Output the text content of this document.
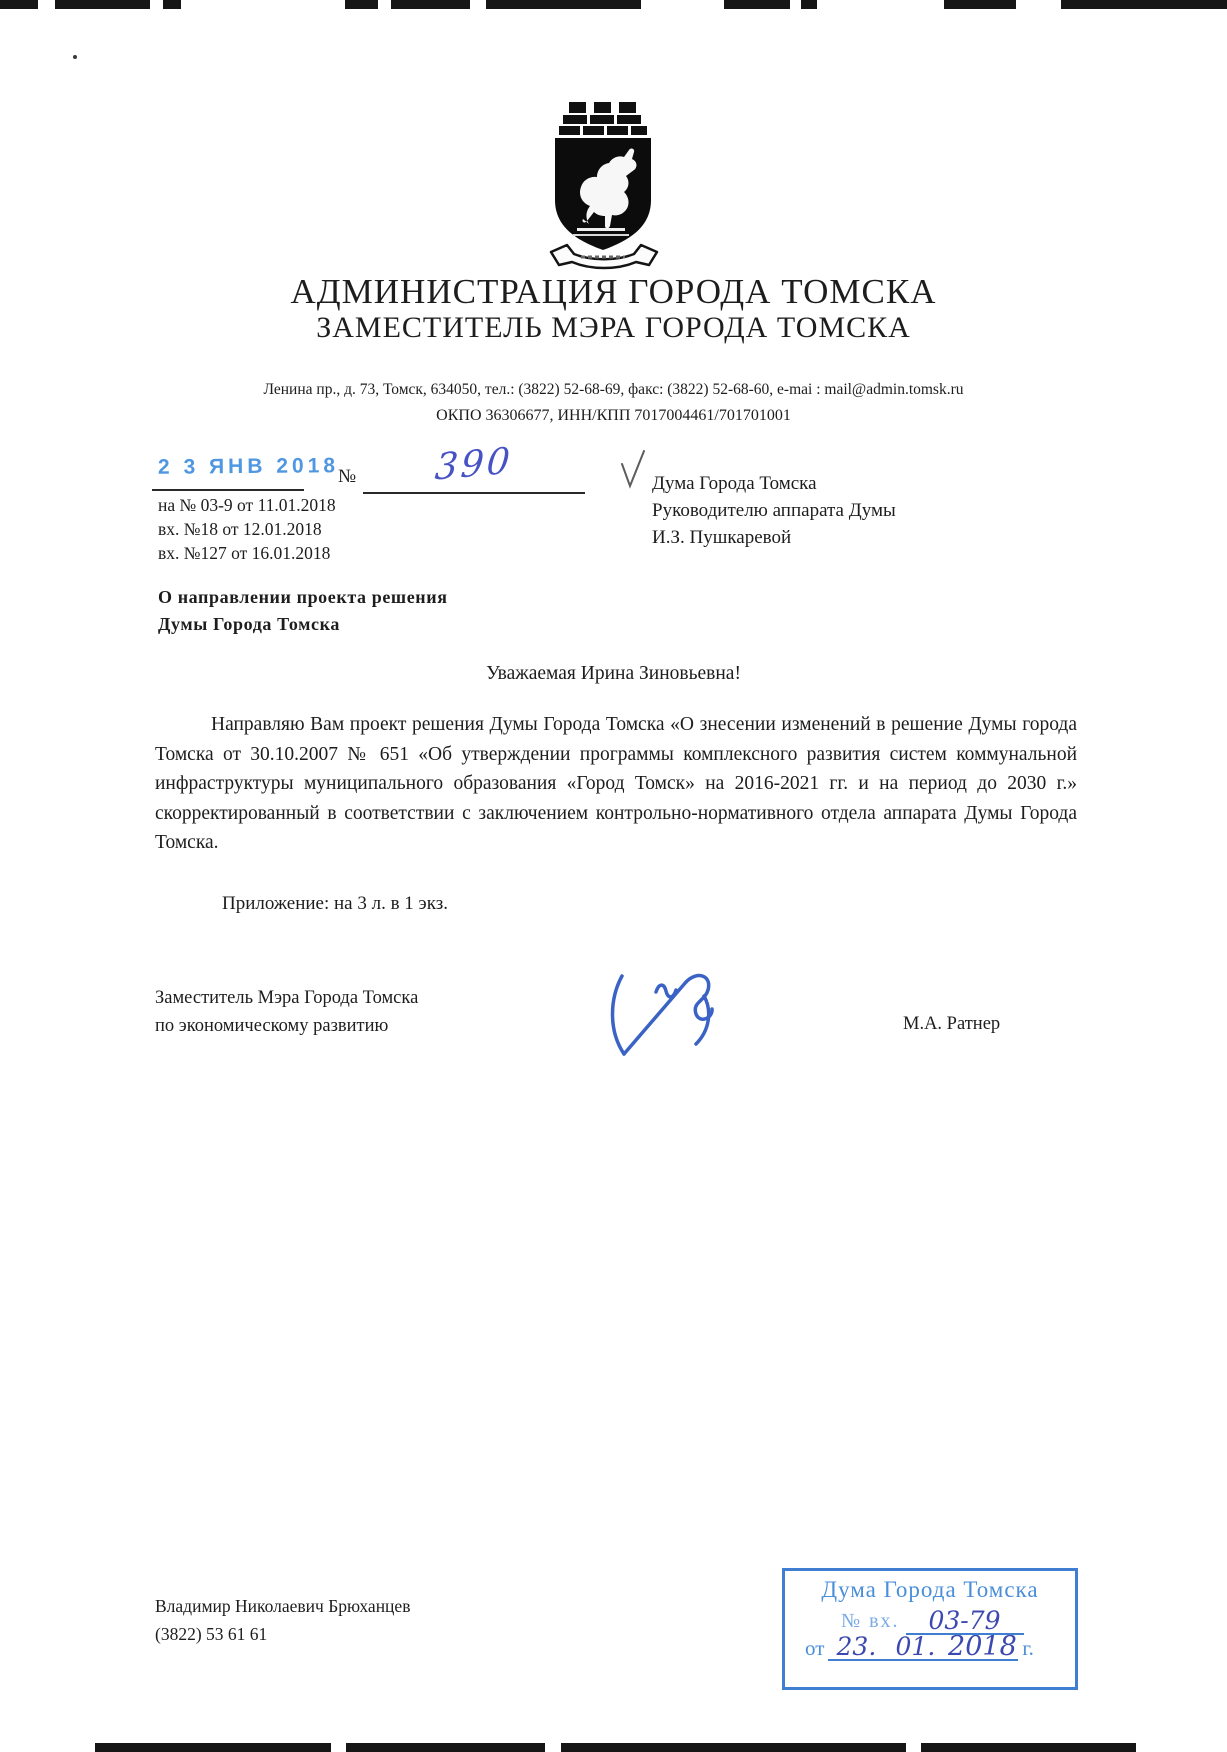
АДМИНИСТРАЦИЯ ГОРОДА ТОМСКА
ЗАМЕСТИТЕЛЬ МЭРА ГОРОДА ТОМСКА
Ленина пр., д. 73, Томск, 634050, тел.: (3822) 52-68-69, факс: (3822) 52-68-60, e-mai : mail@admin.tomsk.ru
ОКПО 36306677, ИНН/КПП 7017004461/701701001
2 3 ЯНВ 2018
№ 390
на № 03-9 от 11.01.2018
вх. №18 от 12.01.2018
вх. №127 от 16.01.2018
Дума Города Томска
Руководителю аппарата Думы
И.З. Пушкаревой
О направлении проекта решения
Думы Города Томска
Уважаемая Ирина Зиновьевна!
Направляю Вам проект решения Думы Города Томска «О знесении изменений в решение Думы города Томска от 30.10.2007 № 651 «Об утверждении программы комплексного развития систем коммунальной инфраструктуры муниципального образования «Город Томск» на 2016-2021 гг. и на период до 2030 г.» скорректированный в соответствии с заключением контрольно-нормативного отдела аппарата Думы Города Томска.
Приложение: на 3 л. в 1 экз.
Заместитель Мэра Города Томска
по экономическому развитию	М.А. Ратнер
Владимир Николаевич Брюханцев
(3822) 53 61 61
Дума Города Томска
№ вх.	03-79
от 23. 01. 2018 г.
